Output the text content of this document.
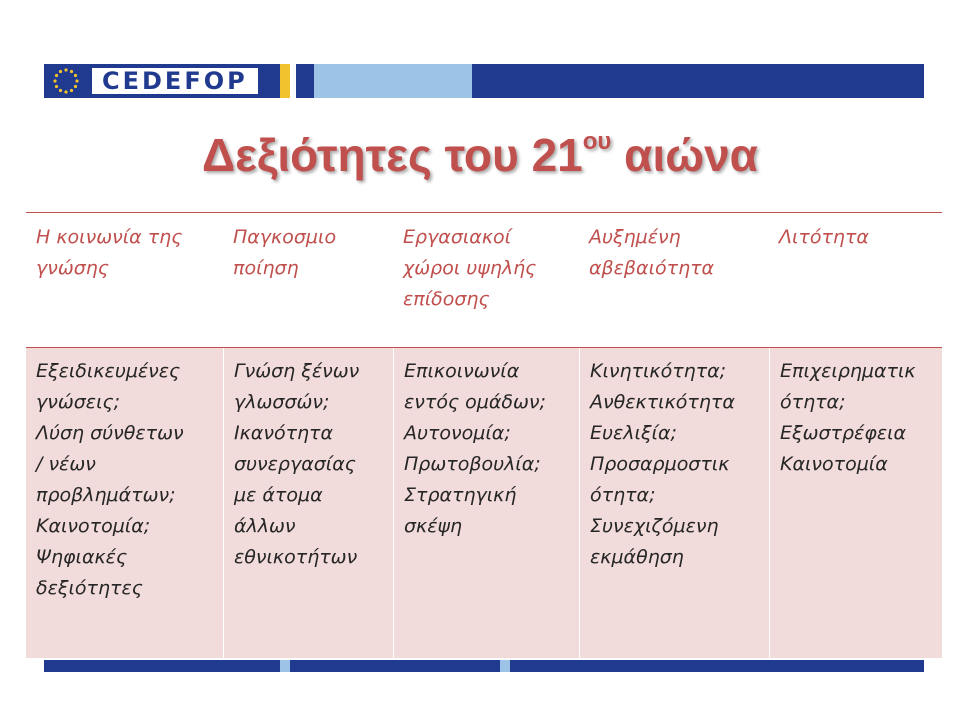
CEDEFOP
Δεξιότητες του $21^{o\upsilon}$ αιώνα
Η κοινωνία της γνώσης
Παγκοσμιο ποίηση
Εργασιακοί χώροι υψηλής επίδοσης
Αυξημένη αβεβαιότητα
Λιτότητα
Εξειδικευμένες
γνώσεις;
Λύση σύνθετων
/ νέων
προβλημάτων;
Καινοτομία;
Ψηφιακές
δεξιότητες
Γνώση ξένων
γλωσσών;
Ικανότητα
συνεργασίας
με άτομα
άλλων
εθνικοτήτων
Επικοινωνία
εντός ομάδων;
Αυτονομία;
Πρωτοβουλία;
Στρατηγική
σκέψη
Κινητικότητα;
Ανθεκτικότητα
Ευελιξία;
Προσαρμοστικ
ότητα;
Συνεχιζόμενη
εκμάθηση
Επιχειρηματικ
ότητα;
Εξωστρέφεια
Καινοτομία
